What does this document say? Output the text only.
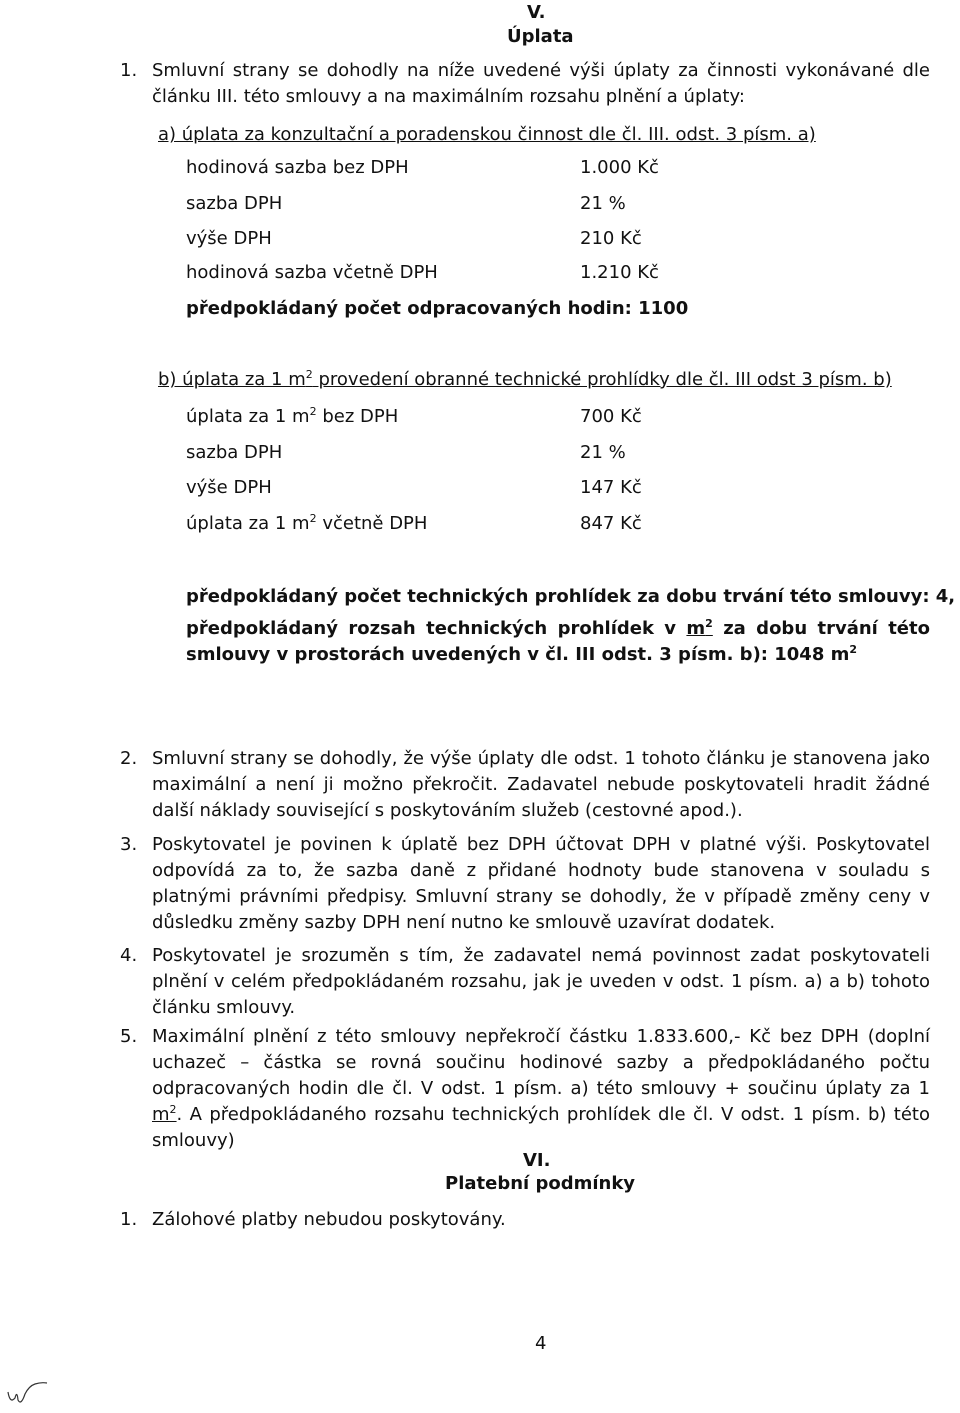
V.
Úplata
1. Smluvní strany se dohodly na níže uvedené výši úplaty za činnosti vykonávané dle článku III. této smlouvy a na maximálním rozsahu plnění a úplaty:
a) úplata za konzultační a poradenskou činnost dle čl. III. odst. 3 písm. a)
hodinová sazba bez DPH	1.000 Kč
sazba DPH	21 %
výše DPH	210 Kč
hodinová sazba včetně DPH	1.210 Kč
předpokládaný počet odpracovaných hodin: 1100
b) úplata za 1 $m^2$ provedení obranné technické prohlídky dle čl. III odst 3 písm. b)
úplata za 1 $m^2$ bez DPH	700 Kč
sazba DPH	21 %
výše DPH	147 Kč
úplata za 1 $m^2$ včetně DPH	847 Kč
předpokládaný počet technických prohlídek za dobu trvání této smlouvy: 4,
předpokládaný rozsah technických prohlídek v $m^2$ za dobu trvání této smlouvy v prostorách uvedených v čl. III odst. 3 písm. b): 1048 $m^2$
2. Smluvní strany se dohodly, že výše úplaty dle odst. 1 tohoto článku je stanovena jako maximální a není ji možno překročit. Zadavatel nebude poskytovateli hradit žádné další náklady související s poskytováním služeb (cestovné apod.).
3. Poskytovatel je povinen k úplatě bez DPH účtovat DPH v platné výši. Poskytovatel odpovídá za to, že sazba daně z přidané hodnoty bude stanovena v souladu s platnými právními předpisy. Smluvní strany se dohodly, že v případě změny ceny v důsledku změny sazby DPH není nutno ke smlouvě uzavírat dodatek.
4. Poskytovatel je srozuměn s tím, že zadavatel nemá povinnost zadat poskytovateli plnění v celém předpokládaném rozsahu, jak je uveden v odst. 1 písm. a) a b) tohoto článku smlouvy.
5. Maximální plnění z této smlouvy nepřekročí částku 1.833.600,- Kč bez DPH (doplní uchazeč – částka se rovná součinu hodinové sazby a předpokládaného počtu odpracovaných hodin dle čl. V odst. 1 písm. a) této smlouvy + součinu úplaty za 1 $m^2$. A předpokládaného rozsahu technických prohlídek dle čl. V odst. 1 písm. b) této smlouvy)
VI.
Platební podmínky
1. Zálohové platby nebudou poskytovány.
4
